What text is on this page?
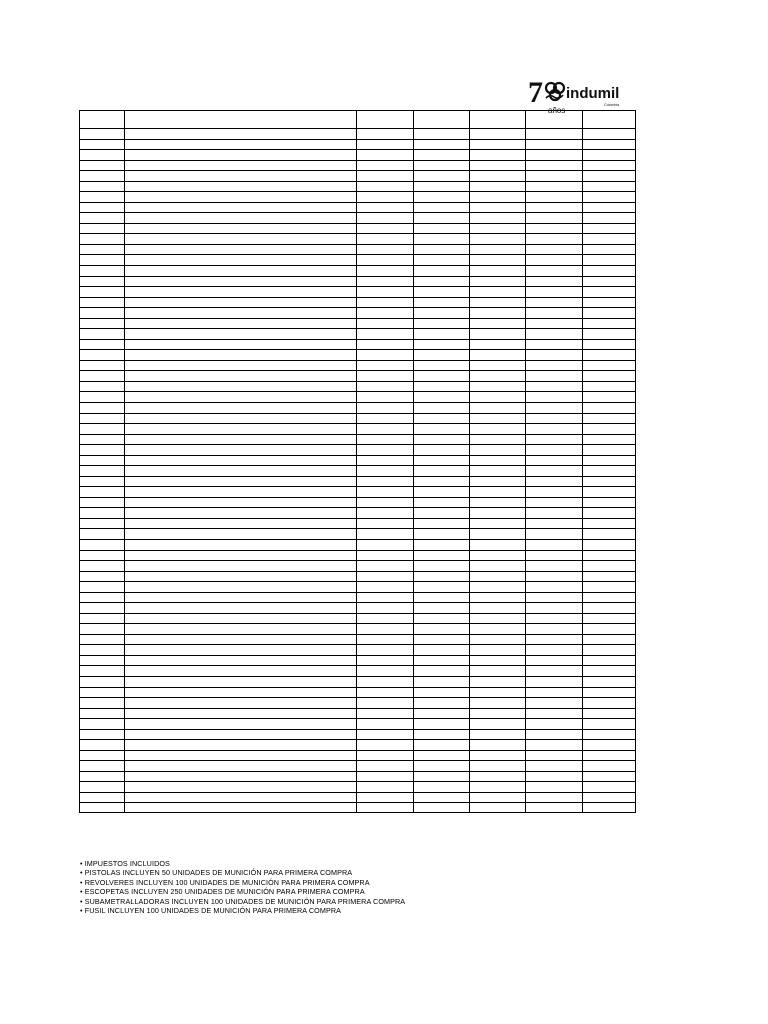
7
años
indumil
Colombia
• IMPUESTOS INCLUIDOS
• PISTOLAS INCLUYEN 50 UNIDADES DE MUNICIÓN PARA PRIMERA COMPRA
• REVOLVERES INCLUYEN 100 UNIDADES DE MUNICIÓN PARA PRIMERA COMPRA
• ESCOPETAS INCLUYEN 250 UNIDADES DE MUNICIÓN PARA PRIMERA COMPRA
• SUBAMETRALLADORAS INCLUYEN 100 UNIDADES DE MUNICIÓN PARA PRIMERA COMPRA
• FUSIL INCLUYEN 100 UNIDADES DE MUNICIÓN PARA PRIMERA COMPRA
